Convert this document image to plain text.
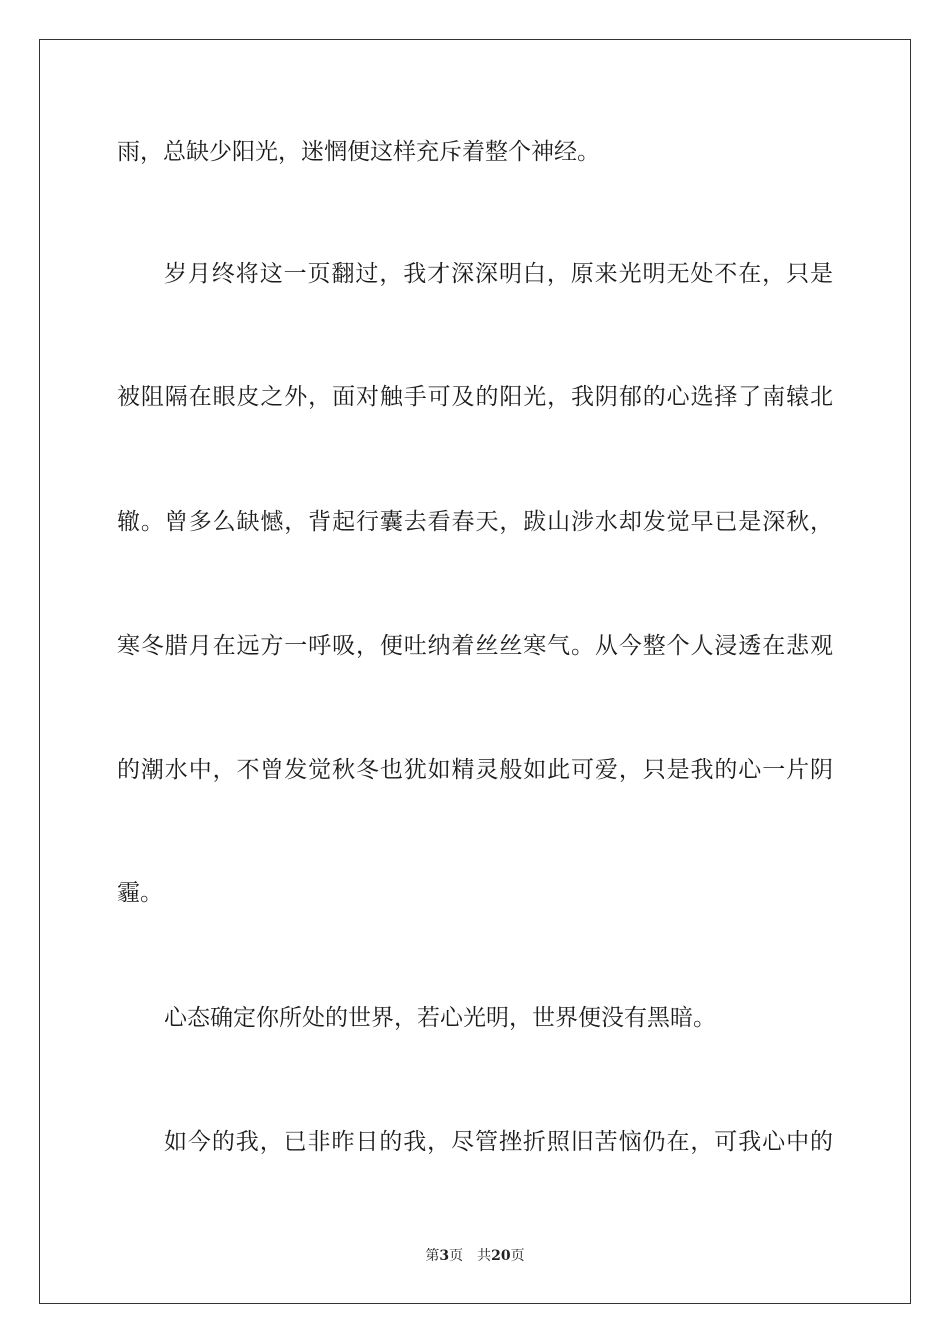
雨，总缺少阳光，迷惘便这样充斥着整个神经。
岁月终将这一页翻过，我才深深明白，原来光明无处不在，只是
被阻隔在眼皮之外，面对触手可及的阳光，我阴郁的心选择了南辕北
辙。曾多么缺憾，背起行囊去看春天，跋山涉水却发觉早已是深秋，
寒冬腊月在远方一呼吸，便吐纳着丝丝寒气。从今整个人浸透在悲观
的潮水中，不曾发觉秋冬也犹如精灵般如此可爱，只是我的心一片阴
霾。
心态确定你所处的世界，若心光明，世界便没有黑暗。
如今的我，已非昨日的我，尽管挫折照旧苦恼仍在，可我心中的
第3页 共20页
